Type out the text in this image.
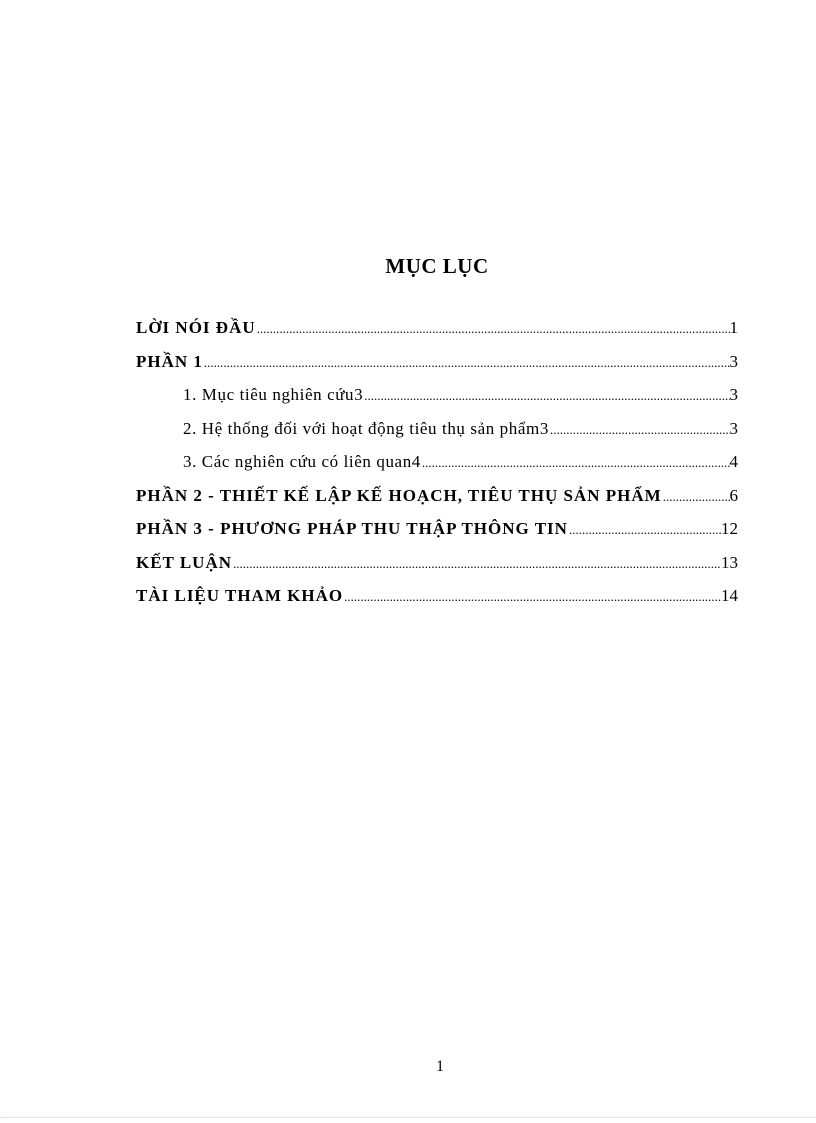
MỤC LỤC
LỜI NÓI ĐẦU .....	1
PHẦN 1 .....	3
1. Mục tiêu nghiên cứu3 .....	3
2. Hệ thống đối với hoạt động tiêu thụ sản phẩm3 .....	3
3. Các nghiên cứu có liên quan4 .....	4
PHẦN 2 - THIẾT KẾ LẬP KẾ HOẠCH, TIÊU THỤ SẢN PHẨM .....	6
PHẦN 3 - PHƯƠNG PHÁP THU THẬP THÔNG TIN .....	12
KẾT LUẬN .....	13
TÀI LIỆU THAM KHẢO .....	14
1
